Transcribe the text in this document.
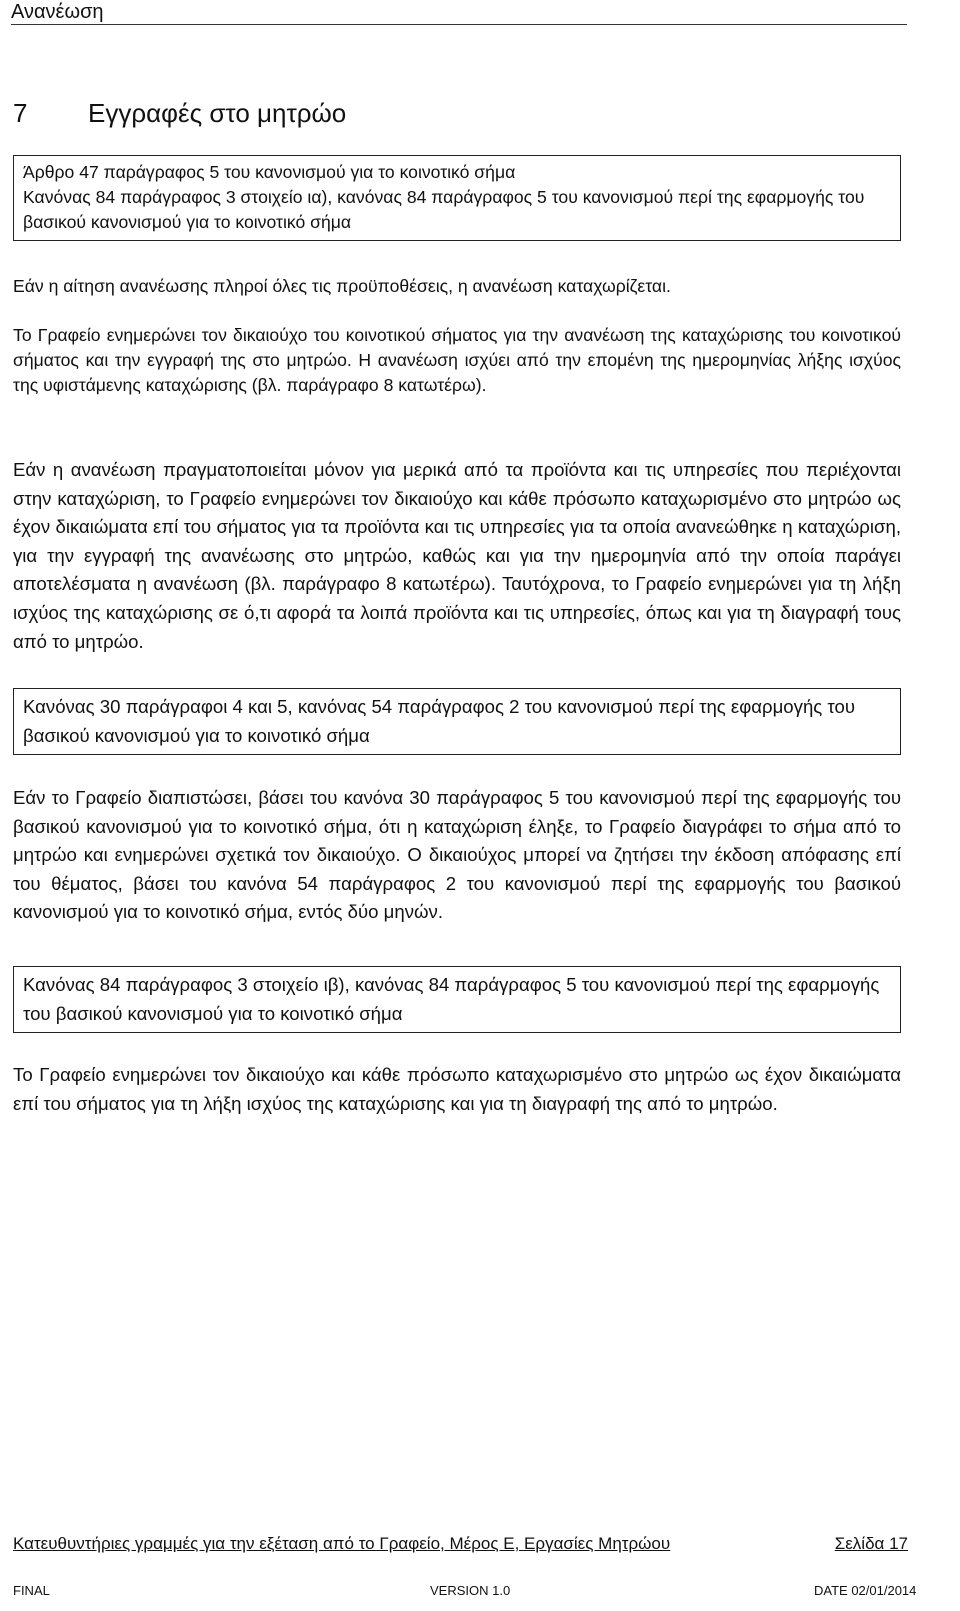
Ανανέωση
7 Εγγραφές στο μητρώο

Άρθρο 47 παράγραφος 5 του κανονισμού για το κοινοτικό σήμα

Κανόνας 84 παράγραφος 3 στοιχείο ια), κανόνας 84 παράγραφος 5 του κανονισμού περί της εφαρμογής του βασικού κανονισμού για το κοινοτικό σήμα

Εάν η αίτηση ανανέωσης πληροί όλες τις προϋποθέσεις, η ανανέωση καταχωρίζεται.

Το Γραφείο ενημερώνει τον δικαιούχο του κοινοτικού σήματος για την ανανέωση της καταχώρισης του κοινοτικού σήματος και την εγγραφή της στο μητρώο. Η ανανέωση ισχύει από την επομένη της ημερομηνίας λήξης ισχύος της υφιστάμενης καταχώρισης (βλ. παράγραφο 8 κατωτέρω).

Εάν η ανανέωση πραγματοποιείται μόνον για μερικά από τα προϊόντα και τις υπηρεσίες που περιέχονται στην καταχώριση, το Γραφείο ενημερώνει τον δικαιούχο και κάθε πρόσωπο καταχωρισμένο στο μητρώο ως έχον δικαιώματα επί του σήματος για τα προϊόντα και τις υπηρεσίες για τα οποία ανανεώθηκε η καταχώριση, για την εγγραφή της ανανέωσης στο μητρώο, καθώς και για την ημερομηνία από την οποία παράγει αποτελέσματα η ανανέωση (βλ. παράγραφο 8 κατωτέρω). Ταυτόχρονα, το Γραφείο ενημερώνει για τη λήξη ισχύος της καταχώρισης σε ό,τι αφορά τα λοιπά προϊόντα και τις υπηρεσίες, όπως και για τη διαγραφή τους από το μητρώο.

Κανόνας 30 παράγραφοι 4 και 5, κανόνας 54 παράγραφος 2 του κανονισμού περί της εφαρμογής του βασικού κανονισμού για το κοινοτικό σήμα

Εάν το Γραφείο διαπιστώσει, βάσει του κανόνα 30 παράγραφος 5 του κανονισμού περί της εφαρμογής του βασικού κανονισμού για το κοινοτικό σήμα, ότι η καταχώριση έληξε, το Γραφείο διαγράφει το σήμα από το μητρώο και ενημερώνει σχετικά τον δικαιούχο. Ο δικαιούχος μπορεί να ζητήσει την έκδοση απόφασης επί του θέματος, βάσει του κανόνα 54 παράγραφος 2 του κανονισμού περί της εφαρμογής του βασικού κανονισμού για το κοινοτικό σήμα, εντός δύο μηνών.

Κανόνας 84 παράγραφος 3 στοιχείο ιβ), κανόνας 84 παράγραφος 5 του κανονισμού περί της εφαρμογής του βασικού κανονισμού για το κοινοτικό σήμα

Το Γραφείο ενημερώνει τον δικαιούχο και κάθε πρόσωπο καταχωρισμένο στο μητρώο ως έχον δικαιώματα επί του σήματος για τη λήξη ισχύος της καταχώρισης και για τη διαγραφή της από το μητρώο.

Κατευθυντήριες γραμμές για την εξέταση από το Γραφείο, Μέρος Ε, Εργασίες Μητρώου	Σελίδα 17
FINAL	VERSION 1.0	DATE 02/01/2014
